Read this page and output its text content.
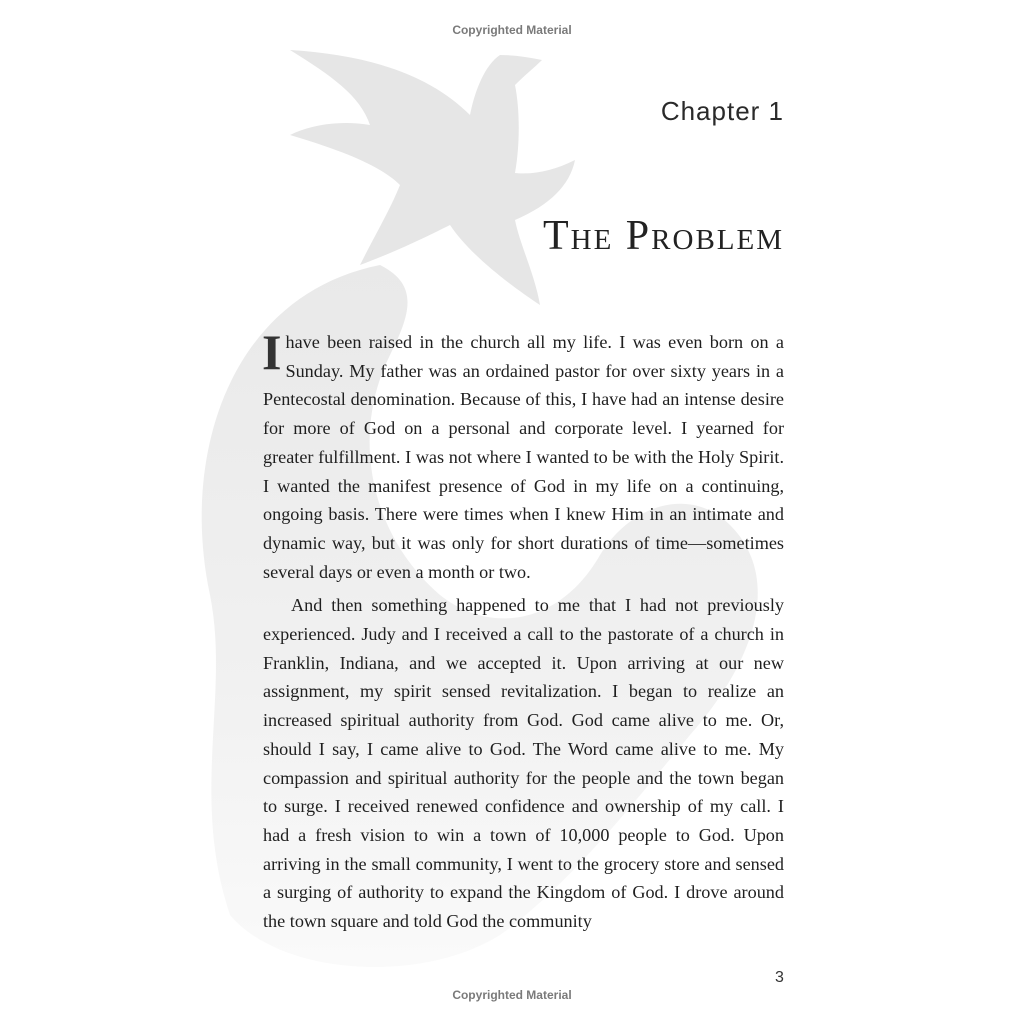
Copyrighted Material
Chapter 1
The Problem

Ihave been raised in the church all my life. I was even born on a Sunday. My father was an ordained pastor for over sixty years in a Pentecostal denomination. Because of this, I have had an intense desire for more of God on a personal and corporate level. I yearned for greater fulfillment. I was not where I wanted to be with the Holy Spirit. I wanted the manifest presence of God in my life on a continuing, ongoing basis. There were times when I knew Him in an intimate and dynamic way, but it was only for short durations of time—sometimes several days or even a month or two.

And then something happened to me that I had not previously experienced. Judy and I received a call to the pastorate of a church in Franklin, Indiana, and we accepted it. Upon arriving at our new assignment, my spirit sensed revitalization. I began to realize an increased spiritual authority from God. God came alive to me. Or, should I say, I came alive to God. The Word came alive to me. My compassion and spiritual authority for the people and the town began to surge. I received renewed confidence and ownership of my call. I had a fresh vision to win a town of 10,000 people to God. Upon arriving in the small community, I went to the grocery store and sensed a surging of authority to expand the Kingdom of God. I drove around the town square and told God the community

3
Copyrighted Material
